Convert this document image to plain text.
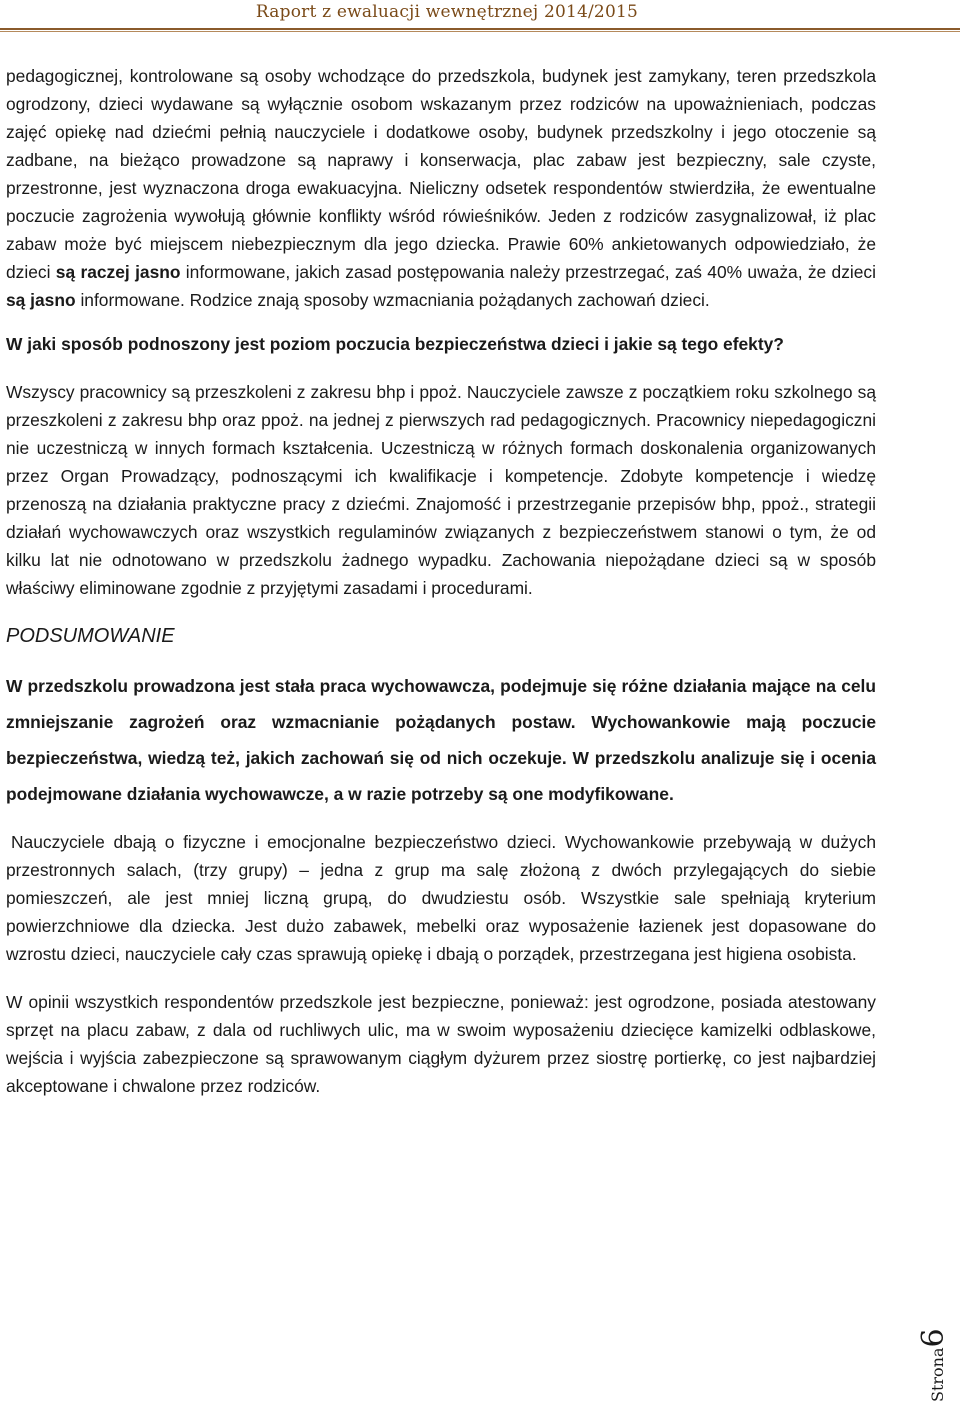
Raport z ewaluacji wewnętrznej 2014/2015

pedagogicznej, kontrolowane są osoby wchodzące do przedszkola, budynek jest zamykany, teren przedszkola ogrodzony, dzieci wydawane są wyłącznie osobom wskazanym przez rodziców na upoważnieniach, podczas zajęć opiekę nad dziećmi pełnią nauczyciele i dodatkowe osoby, budynek przedszkolny i jego otoczenie są zadbane, na bieżąco prowadzone są naprawy i konserwacja, plac zabaw jest bezpieczny, sale czyste, przestronne, jest wyznaczona droga ewakuacyjna. Nieliczny odsetek respondentów stwierdziła, że ewentualne poczucie zagrożenia wywołują głównie konflikty wśród rówieśników. Jeden z rodziców zasygnalizował, iż plac zabaw może być miejscem niebezpiecznym dla jego dziecka. Prawie 60% ankietowanych odpowiedziało, że dzieci są raczej jasno informowane, jakich zasad postępowania należy przestrzegać, zaś 40% uważa, że dzieci są jasno informowane. Rodzice znają sposoby wzmacniania pożądanych zachowań dzieci.

W jaki sposób podnoszony jest poziom poczucia bezpieczeństwa dzieci i jakie są tego efekty?

Wszyscy pracownicy są przeszkoleni z zakresu bhp i ppoż. Nauczyciele zawsze z początkiem roku szkolnego są przeszkoleni z zakresu bhp oraz ppoż. na jednej z pierwszych rad pedagogicznych. Pracownicy niepedagogiczni nie uczestniczą w innych formach kształcenia. Uczestniczą w różnych formach doskonalenia organizowanych przez Organ Prowadzący, podnoszącymi ich kwalifikacje i kompetencje. Zdobyte kompetencje i wiedzę przenoszą na działania praktyczne pracy z dziećmi. Znajomość i przestrzeganie przepisów bhp, ppoż., strategii działań wychowawczych oraz wszystkich regulaminów związanych z bezpieczeństwem stanowi o tym, że od kilku lat nie odnotowano w przedszkolu żadnego wypadku. Zachowania niepożądane dzieci są w sposób właściwy eliminowane zgodnie z przyjętymi zasadami i procedurami.

PODSUMOWANIE

W przedszkolu prowadzona jest stała praca wychowawcza, podejmuje się różne działania mające na celu zmniejszanie zagrożeń oraz wzmacnianie pożądanych postaw. Wychowankowie mają poczucie bezpieczeństwa, wiedzą też, jakich zachowań się od nich oczekuje. W przedszkolu analizuje się i ocenia podejmowane działania wychowawcze, a w razie potrzeby są one modyfikowane.

Nauczyciele dbają o fizyczne i emocjonalne bezpieczeństwo dzieci. Wychowankowie przebywają w dużych przestronnych salach, (trzy grupy) – jedna z grup ma salę złożoną z dwóch przylegających do siebie pomieszczeń, ale jest mniej liczną grupą, do dwudziestu osób. Wszystkie sale spełniają kryterium powierzchniowe dla dziecka. Jest dużo zabawek, mebelki oraz wyposażenie łazienek jest dopasowane do wzrostu dzieci, nauczyciele cały czas sprawują opiekę i dbają o porządek, przestrzegana jest higiena osobista.

W opinii wszystkich respondentów przedszkole jest bezpieczne, ponieważ: jest ogrodzone, posiada atestowany sprzęt na placu zabaw, z dala od ruchliwych ulic, ma w swoim wyposażeniu dziecięce kamizelki odblaskowe, wejścia i wyjścia zabezpieczone są sprawowanym ciągłym dyżurem przez siostrę portierkę, co jest najbardziej akceptowane i chwalone przez rodziców.

Strona6
